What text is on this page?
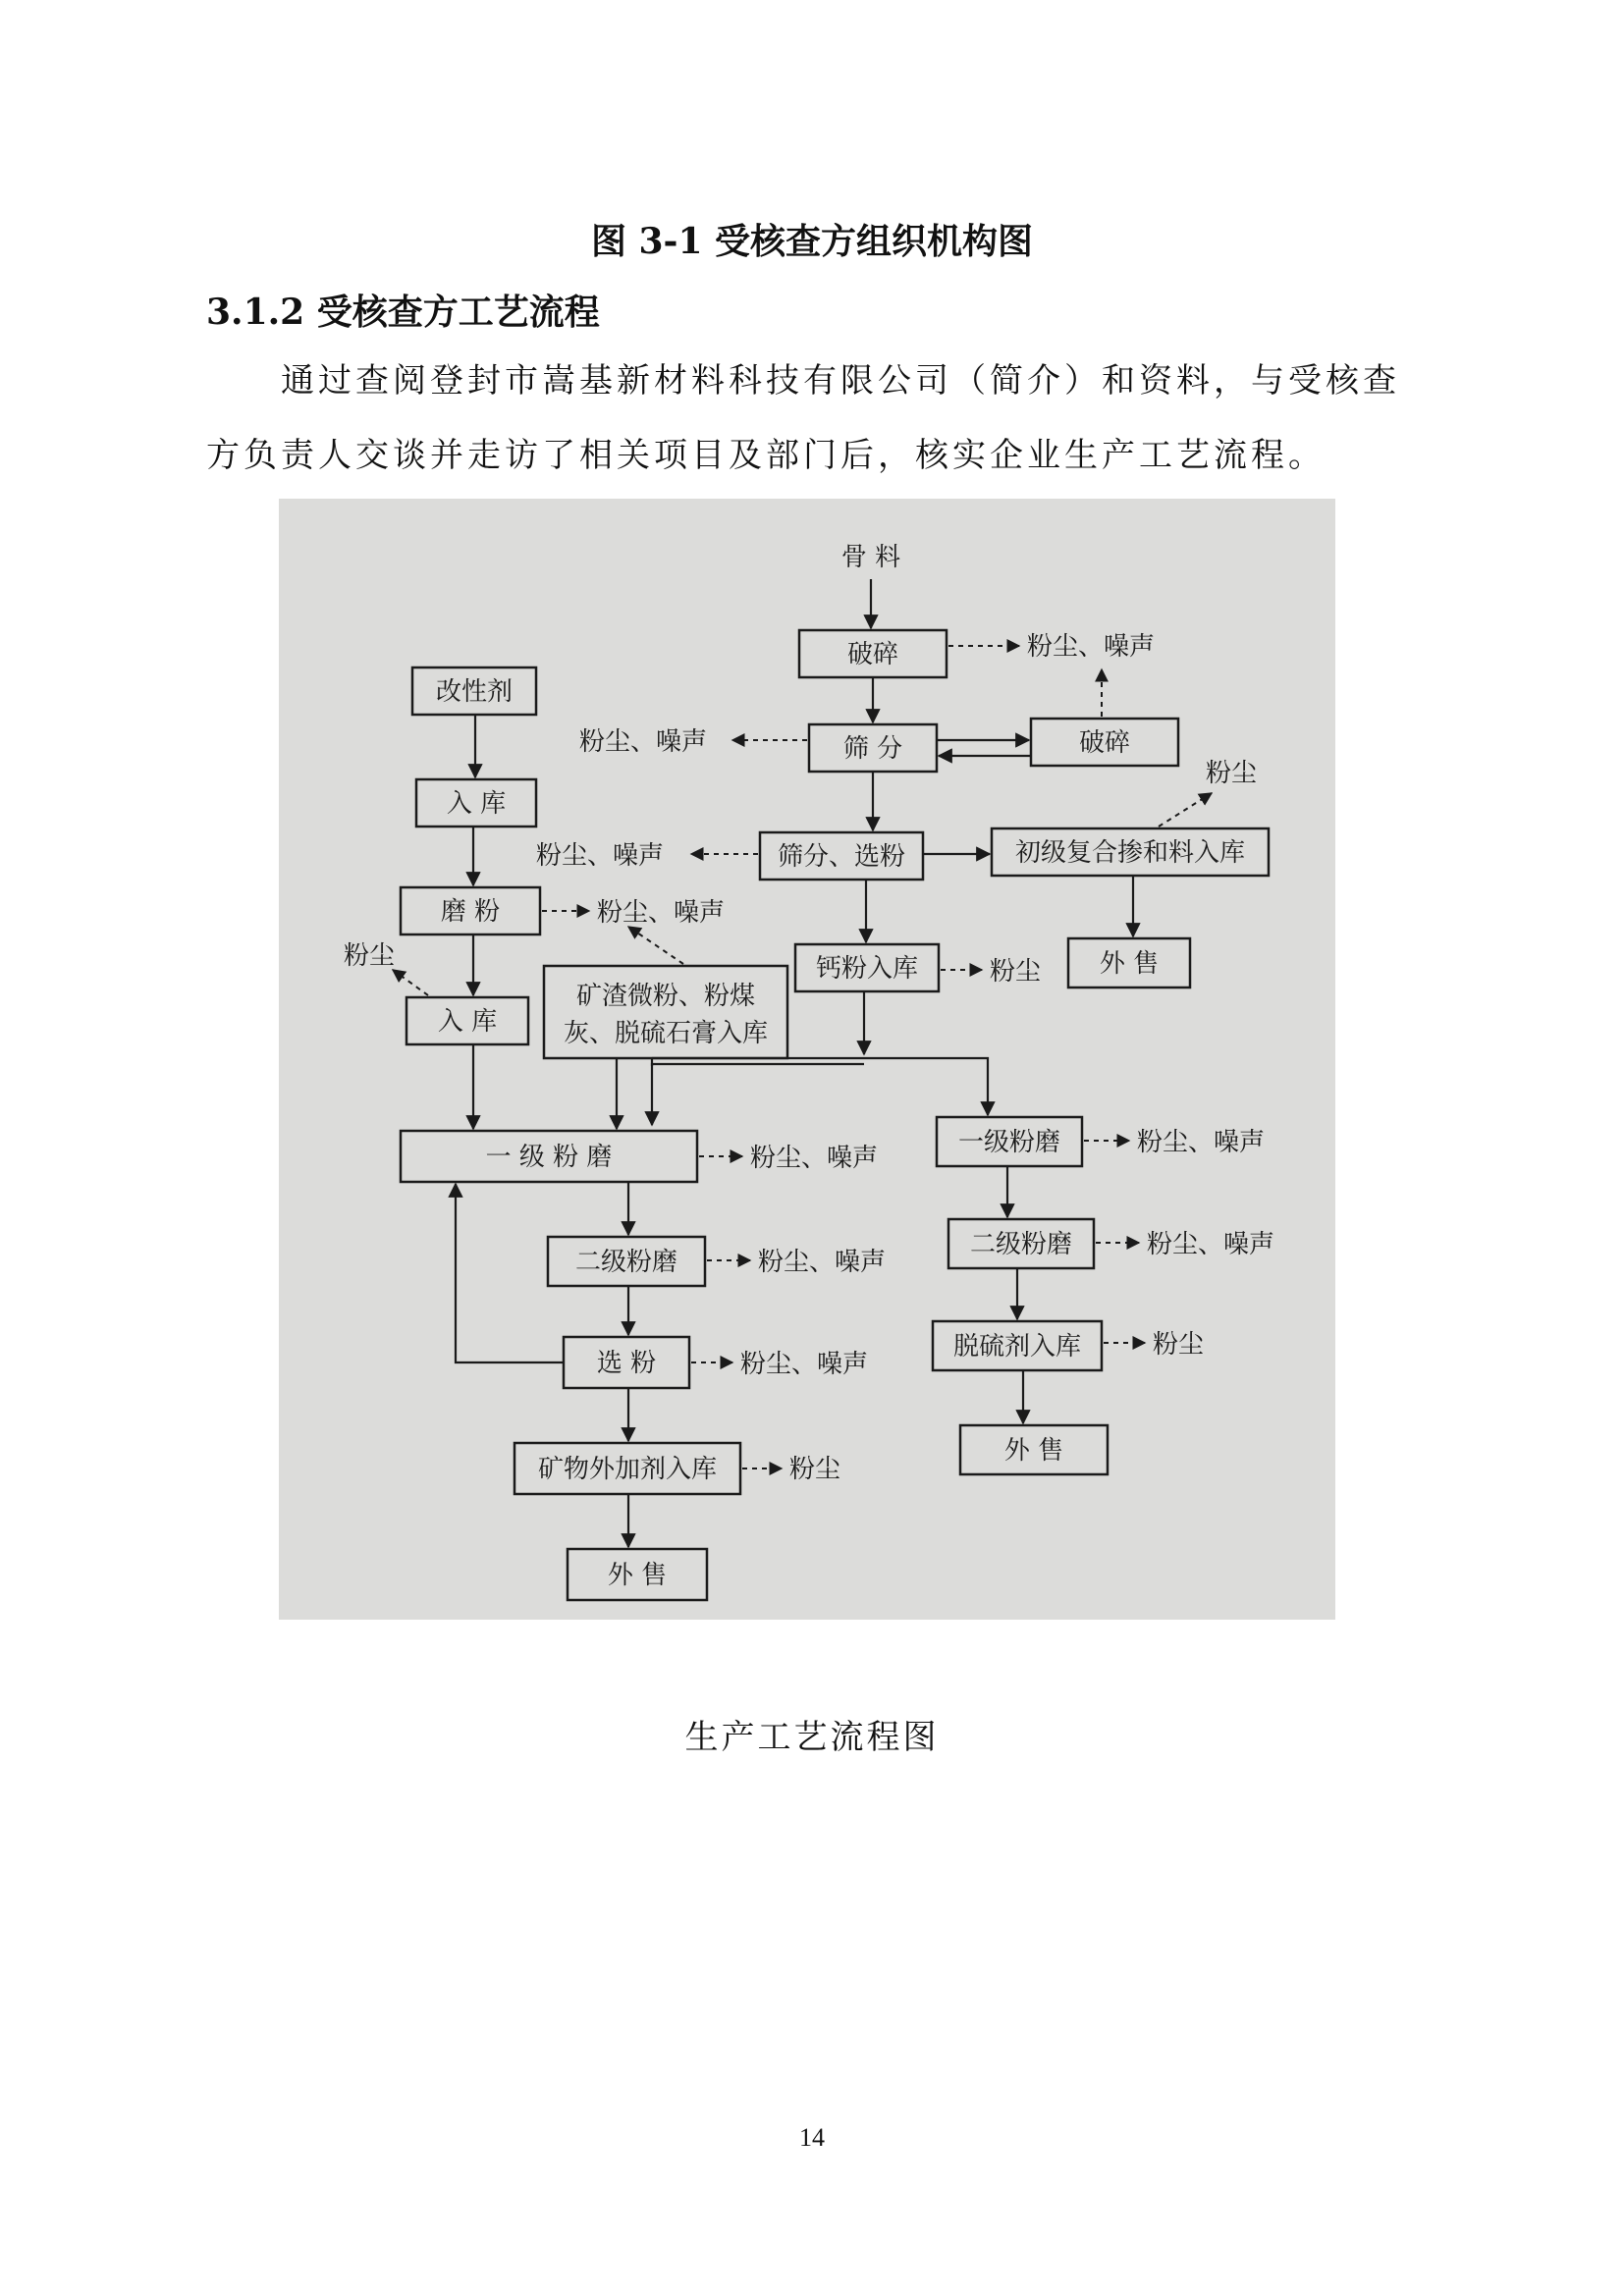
图 3-1 受核查方组织机构图
3.1.2 受核查方工艺流程
通过查阅登封市嵩基新材料科技有限公司（简介）和资料，与受核查方负责人交谈并走访了相关项目及部门后，核实企业生产工艺流程。
骨 料
破碎
破碎
筛 分
筛分、选粉	初级复合掺和料入库
外 售
钙粉入库
改性剂
入 库
磨 粉
入 库
矿渣微粉、粉煤
灰、脱硫石膏入库
一 级 粉 磨
二级粉磨
选 粉
矿物外加剂入库
外 售
一级粉磨
二级粉磨
脱硫剂入库
外 售
粉尘、噪声
粉尘、噪声
粉尘
粉尘、噪声
粉尘、噪声
粉尘
粉尘
粉尘、噪声
粉尘、噪声
粉尘、噪声
粉尘
粉尘、噪声
粉尘、噪声
粉尘
生产工艺流程图
14
